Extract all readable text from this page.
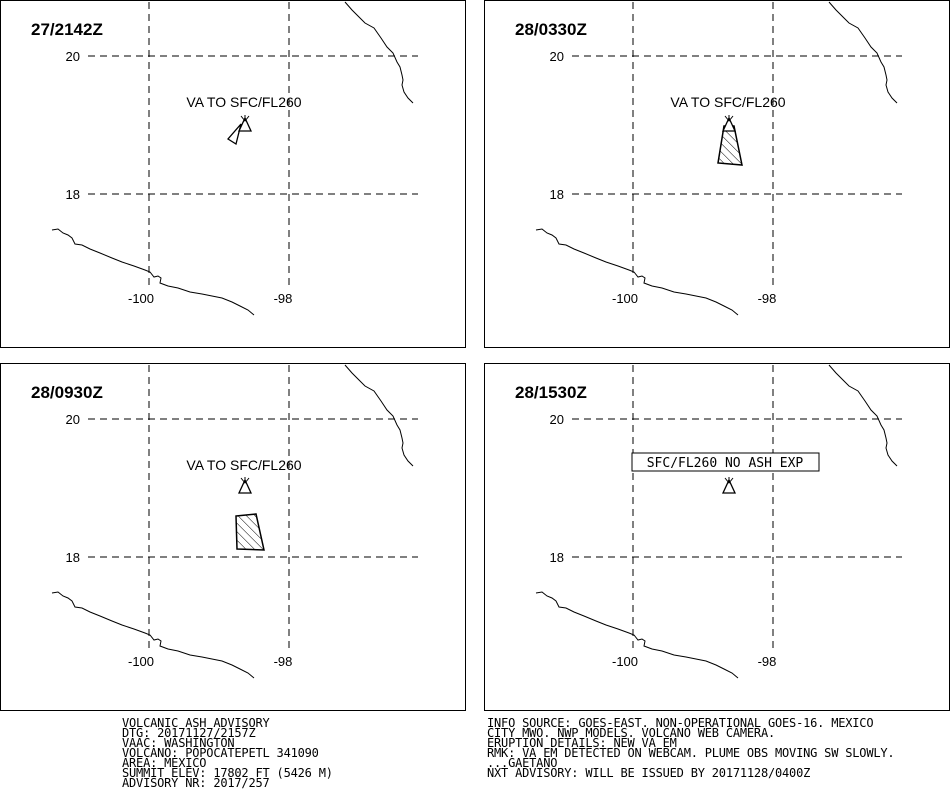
27/2142Z
20
18
-100	-98
VA TO SFC/FL260
28/0330Z
20
18
-100	-98
VA TO SFC/FL260
28/0930Z
20
18
-100	-98
VA TO SFC/FL260
28/1530Z
20
18
-100	-98
SFC/FL260 NO ASH EXP
VOLCANIC ASH ADVISORY
DTG: 20171127/2157Z
VAAC: WASHINGTON
VOLCANO: POPOCATEPETL 341090
AREA: MEXICO
SUMMIT ELEV: 17802 FT (5426 M)
ADVISORY NR: 2017/257
INFO SOURCE: GOES-EAST. NON-OPERATIONAL GOES-16. MEXICO
CITY MWO. NWP MODELS. VOLCANO WEB CAMERA.
ERUPTION DETAILS: NEW VA EM
RMK: VA EM DETECTED ON WEBCAM. PLUME OBS MOVING SW SLOWLY.
...GAETANO
NXT ADVISORY: WILL BE ISSUED BY 20171128/0400Z
